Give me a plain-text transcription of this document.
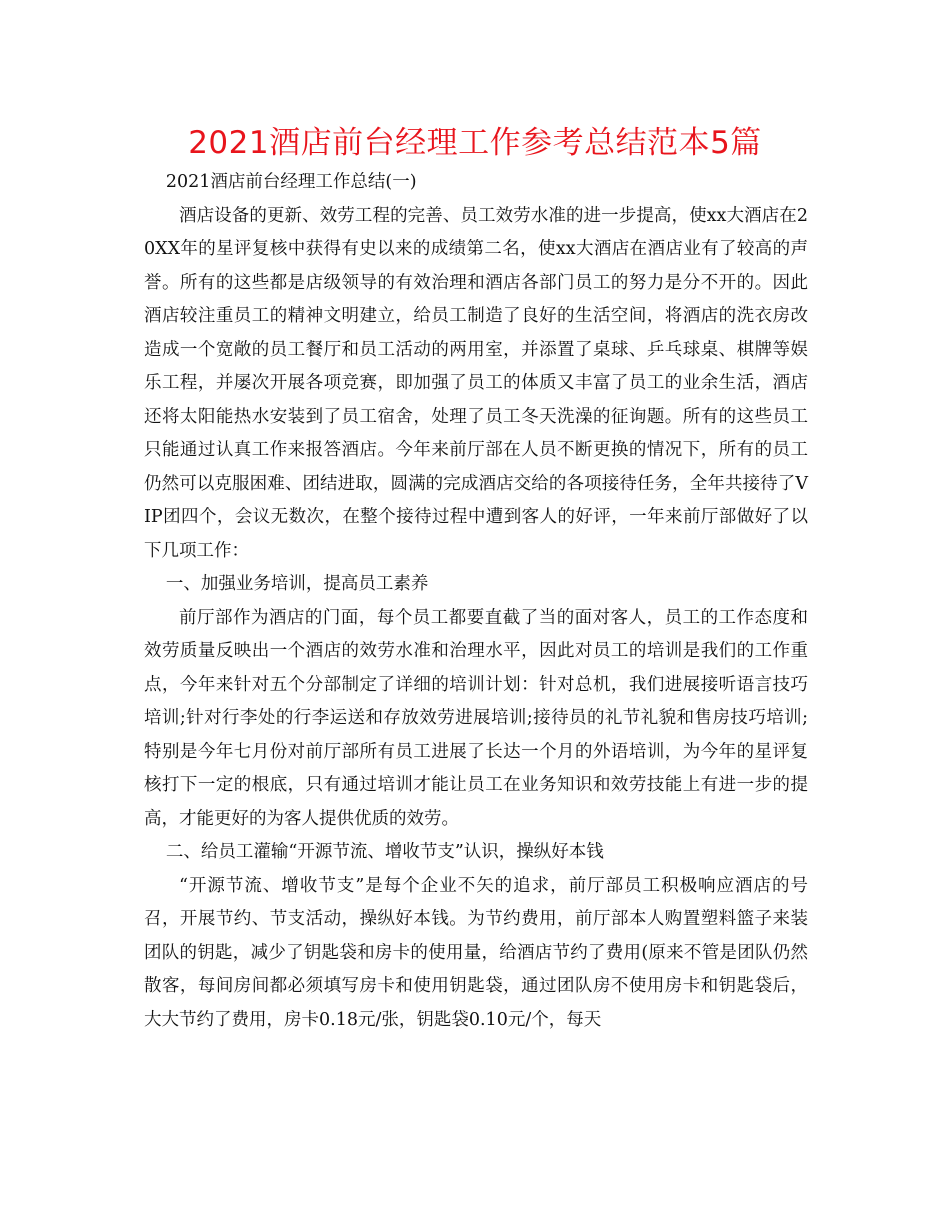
2021酒店前台经理工作参考总结范本5篇

2021酒店前台经理工作总结(一)

酒店设备的更新、效劳工程的完善、员工效劳水准的进一步提高，使xx大酒店在20XX年的星评复核中获得有史以来的成绩第二名，使xx大酒店在酒店业有了较高的声誉。所有的这些都是店级领导的有效治理和酒店各部门员工的努力是分不开的。因此酒店较注重员工的精神文明建立，给员工制造了良好的生活空间，将酒店的洗衣房改造成一个宽敞的员工餐厅和员工活动的两用室，并添置了桌球、乒乓球桌、棋牌等娱乐工程，并屡次开展各项竞赛，即加强了员工的体质又丰富了员工的业余生活，酒店还将太阳能热水安装到了员工宿舍，处理了员工冬天洗澡的征询题。所有的这些员工只能通过认真工作来报答酒店。今年来前厅部在人员不断更换的情况下，所有的员工仍然可以克服困难、团结进取，圆满的完成酒店交给的各项接待任务，全年共接待了VIP团四个，会议无数次，在整个接待过程中遭到客人的好评，一年来前厅部做好了以下几项工作：

一、加强业务培训，提高员工素养

前厅部作为酒店的门面，每个员工都要直截了当的面对客人，员工的工作态度和效劳质量反映出一个酒店的效劳水准和治理水平，因此对员工的培训是我们的工作重点，今年来针对五个分部制定了详细的培训计划：针对总机，我们进展接听语言技巧培训;针对行李处的行李运送和存放效劳进展培训;接待员的礼节礼貌和售房技巧培训;特别是今年七月份对前厅部所有员工进展了长达一个月的外语培训，为今年的星评复核打下一定的根底，只有通过培训才能让员工在业务知识和效劳技能上有进一步的提高，才能更好的为客人提供优质的效劳。

二、给员工灌输“开源节流、增收节支”认识，操纵好本钱

“开源节流、增收节支”是每个企业不矢的追求，前厅部员工积极响应酒店的号召，开展节约、节支活动，操纵好本钱。为节约费用，前厅部本人购置塑料篮子来装团队的钥匙，减少了钥匙袋和房卡的使用量，给酒店节约了费用(原来不管是团队仍然散客，每间房间都必须填写房卡和使用钥匙袋，通过团队房不使用房卡和钥匙袋后，大大节约了费用，房卡0.18元/张，钥匙袋0.10元/个，每天
